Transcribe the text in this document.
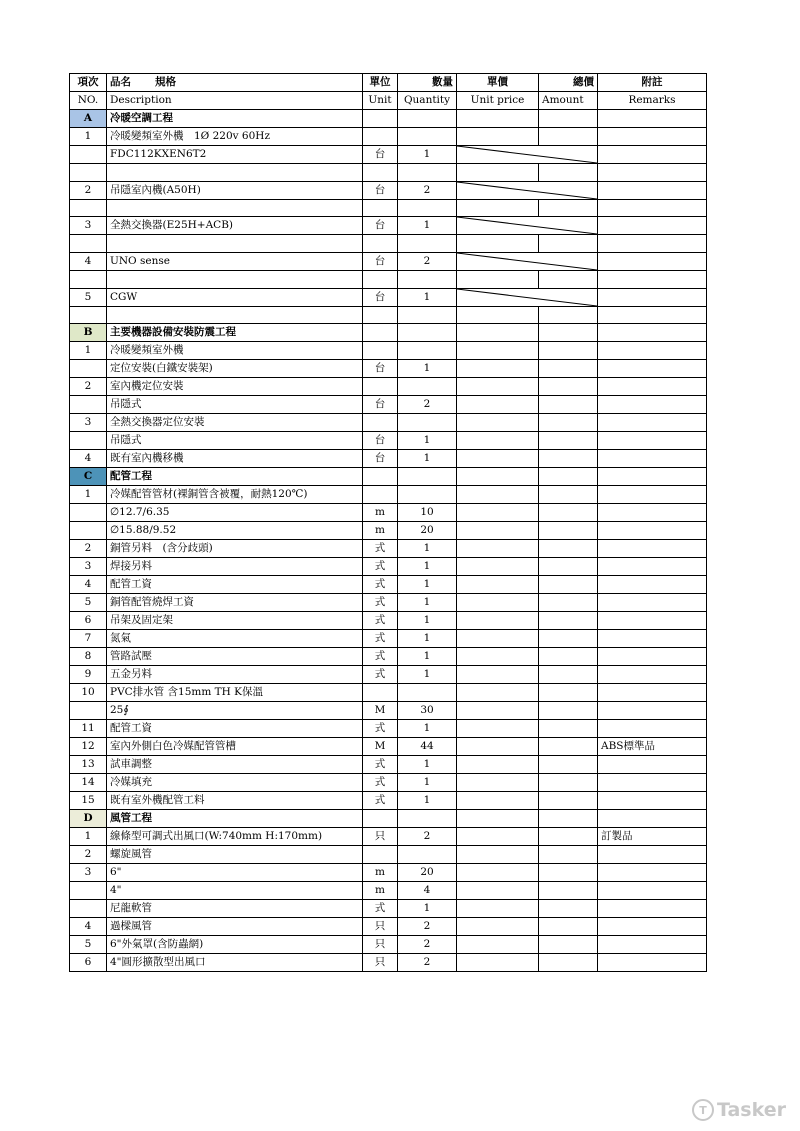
項次	品名 規格	單位	數量	單價	總價	附註
NO.	Description	Unit	Quantity	Unit price	Amount	Remarks
A	冷暖空調工程					
1	冷暖變頻室外機　1Ø 220v 60Hz					
	FDC112KXEN6T2	台	1	

2	吊隱室內機(A50H)	台	2	

3	全熱交換器(E25H+ACB)	台	1	

4	UNO sense	台	2	

5	CGW	台	1	

B	主要機器設備安裝防震工程					
1	冷暖變頻室外機					
	定位安裝(白鐵安裝架)	台	1			
2	室內機定位安裝					
	吊隱式	台	2			
3	全熱交換器定位安裝					
	吊隱式	台	1			
4	既有室內機移機	台	1			
C	配管工程					
1	冷媒配管管材(裸銅管含被覆，耐熱120℃)					
	∅12.7/6.35	m	10			
	∅15.88/9.52	m	20			
2	銅管另料　(含分歧頭)	式	1			
3	焊接另料	式	1			
4	配管工資	式	1			
5	銅管配管燒焊工資	式	1			
6	吊架及固定架	式	1			
7	氮氣	式	1			
8	管路試壓	式	1			
9	五金另料	式	1			
10	PVC排水管 含15mm TH K保溫					
	25∮	M	30			
11	配管工資	式	1			
12	室內外側白色冷媒配管管槽	M	44			ABS標準品
13	試車調整	式	1			
14	冷媒填充	式	1			
15	既有室外機配管工料	式	1			
D	風管工程					
1	線條型可調式出風口(W:740mm H:170mm)	只	2			訂製品
2	螺旋風管					
3	6"	m	20			
	4"	m	4			
	尼龍軟管	式	1			
4	過樑風管	只	2			
5	6"外氣罩(含防蟲網)	只	2			
6	4"圓形擴散型出風口	只	2			
T Tasker
